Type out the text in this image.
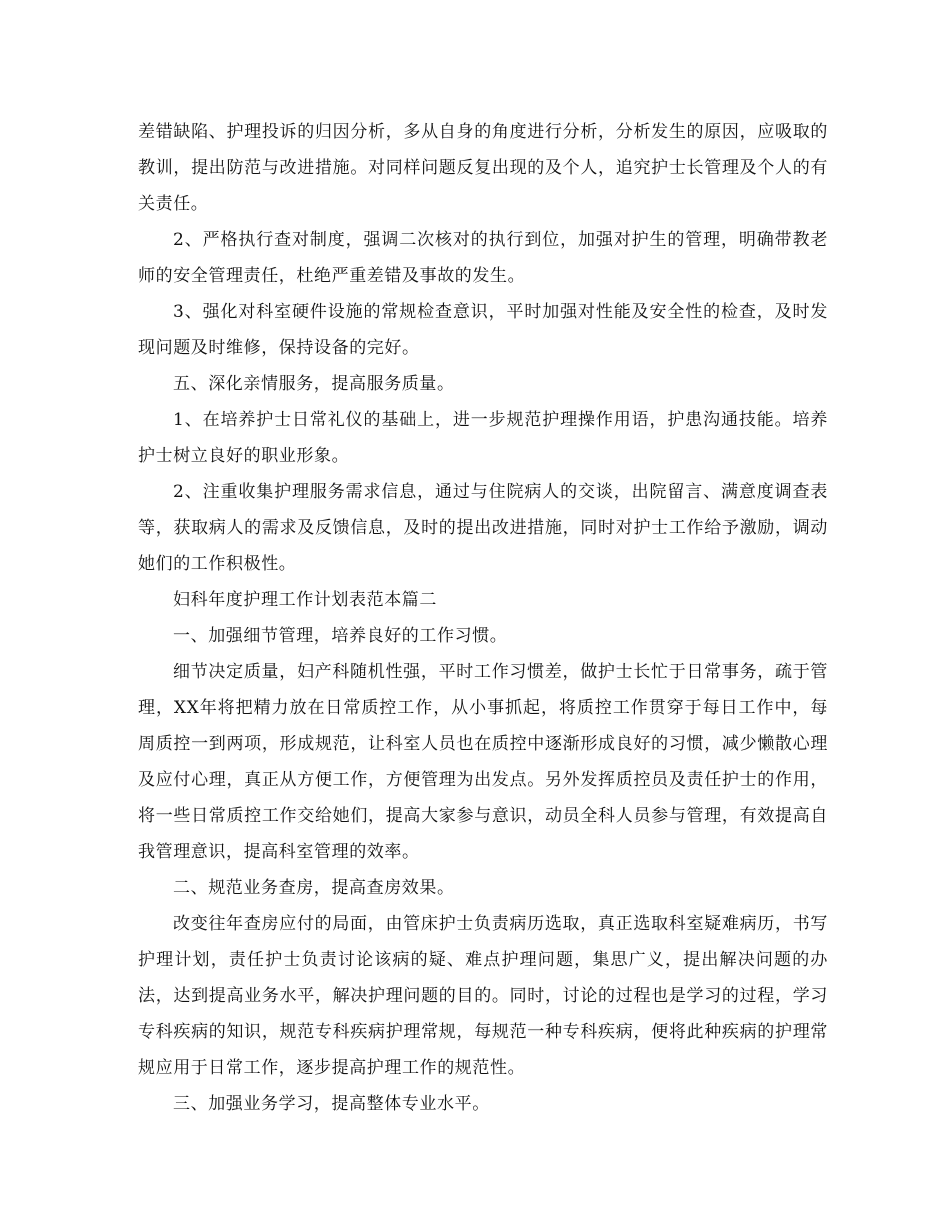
差错缺陷、护理投诉的归因分析，多从自身的角度进行分析，分析发生的原因，应吸取的教训，提出防范与改进措施。对同样问题反复出现的及个人，追究护士长管理及个人的有关责任。

2、严格执行查对制度，强调二次核对的执行到位，加强对护生的管理，明确带教老师的安全管理责任，杜绝严重差错及事故的发生。

3、强化对科室硬件设施的常规检查意识，平时加强对性能及安全性的检查，及时发现问题及时维修，保持设备的完好。

五、深化亲情服务，提高服务质量。

1、在培养护士日常礼仪的基础上，进一步规范护理操作用语，护患沟通技能。培养护士树立良好的职业形象。

2、注重收集护理服务需求信息，通过与住院病人的交谈，出院留言、满意度调查表等，获取病人的需求及反馈信息，及时的提出改进措施，同时对护士工作给予激励，调动她们的工作积极性。

妇科年度护理工作计划表范本篇二

一、加强细节管理，培养良好的工作习惯。

细节决定质量，妇产科随机性强，平时工作习惯差，做护士长忙于日常事务，疏于管理，XX年将把精力放在日常质控工作，从小事抓起，将质控工作贯穿于每日工作中，每周质控一到两项，形成规范，让科室人员也在质控中逐渐形成良好的习惯，减少懒散心理及应付心理，真正从方便工作，方便管理为出发点。另外发挥质控员及责任护士的作用，将一些日常质控工作交给她们，提高大家参与意识，动员全科人员参与管理，有效提高自我管理意识，提高科室管理的效率。

二、规范业务查房，提高查房效果。

改变往年查房应付的局面，由管床护士负责病历选取，真正选取科室疑难病历，书写护理计划，责任护士负责讨论该病的疑、难点护理问题，集思广义，提出解决问题的办法，达到提高业务水平，解决护理问题的目的。同时，讨论的过程也是学习的过程，学习专科疾病的知识，规范专科疾病护理常规，每规范一种专科疾病，便将此种疾病的护理常规应用于日常工作，逐步提高护理工作的规范性。

三、加强业务学习，提高整体专业水平。
